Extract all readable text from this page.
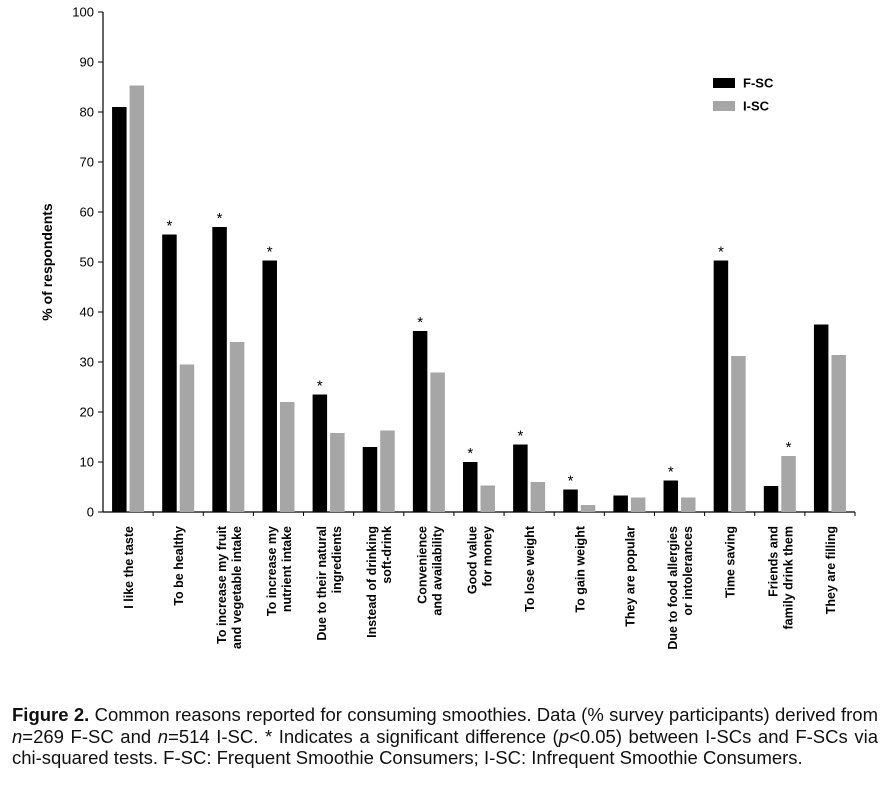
0
10
20
30
40
50
60
70
80
90
100
*	*
*
*
*
*
*
*
*
*
*
I like the taste	To be healthy To increase my fruit and vegetable intake To increase my nutrient intake Due to their natural ingredients Instead of drinking soft-drink Convenience and availability Good value for money To lose weight	To gain weight	They are popular Due to food allergies or intolerances Time saving Friends and family drink them They are filling
% of respondents
F-SC
I-SC
Figure 2. Common reasons reported for consuming smoothies. Data (% survey participants) derived from n=269 F-SC and n=514 I-SC. * Indicates a significant difference (p<0.05) between I-SCs and F-SCs via chi-squared tests. F-SC: Frequent Smoothie Consumers; I-SC: Infrequent Smoothie Consumers.
